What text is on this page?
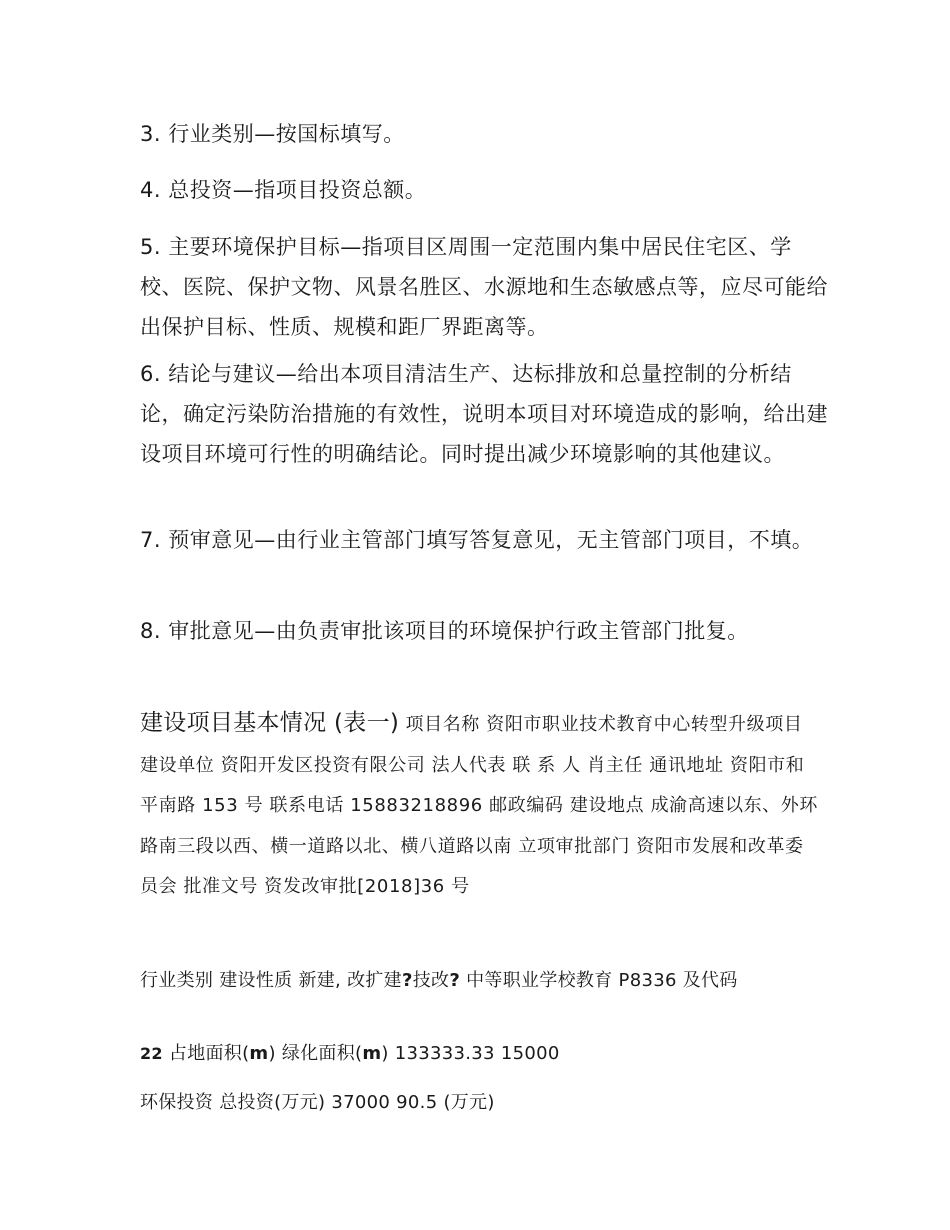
3. 行业类别—按国标填写。

4. 总投资—指项目投资总额。

5. 主要环境保护目标—指项目区周围一定范围内集中居民住宅区、学 校、医院、保护文物、风景名胜区、水源地和生态敏感点等，应尽可能给 出保护目标、性质、规模和距厂界距离等。

6. 结论与建议—给出本项目清洁生产、达标排放和总量控制的分析结 论，确定污染防治措施的有效性，说明本项目对环境造成的影响，给出建 设项目环境可行性的明确结论。同时提出减少环境影响的其他建议。

7. 预审意见—由行业主管部门填写答复意见，无主管部门项目，不填。

8. 审批意见—由负责审批该项目的环境保护行政主管部门批复。

建设项目基本情况 (表一) 项目名称 资阳市职业技术教育中心转型升级项目 建设单位 资阳开发区投资有限公司 法人代表 联 系 人 肖主任 通讯地址 资阳市和平南路 153 号 联系电话 15883218896 邮政编码 建设地点 成渝高速以东、外环路南三段以西、横一道路以北、横八道路以南 立项审批部门 资阳市发展和改革委员会 批准文号 资发改审批[2018]36 号

行业类别 建设性质 新建, 改扩建?技改? 中等职业学校教育 P8336 及代码

22 占地面积(m) 绿化面积(m) 133333.33 15000

环保投资 总投资(万元) 37000 90.5 (万元)
